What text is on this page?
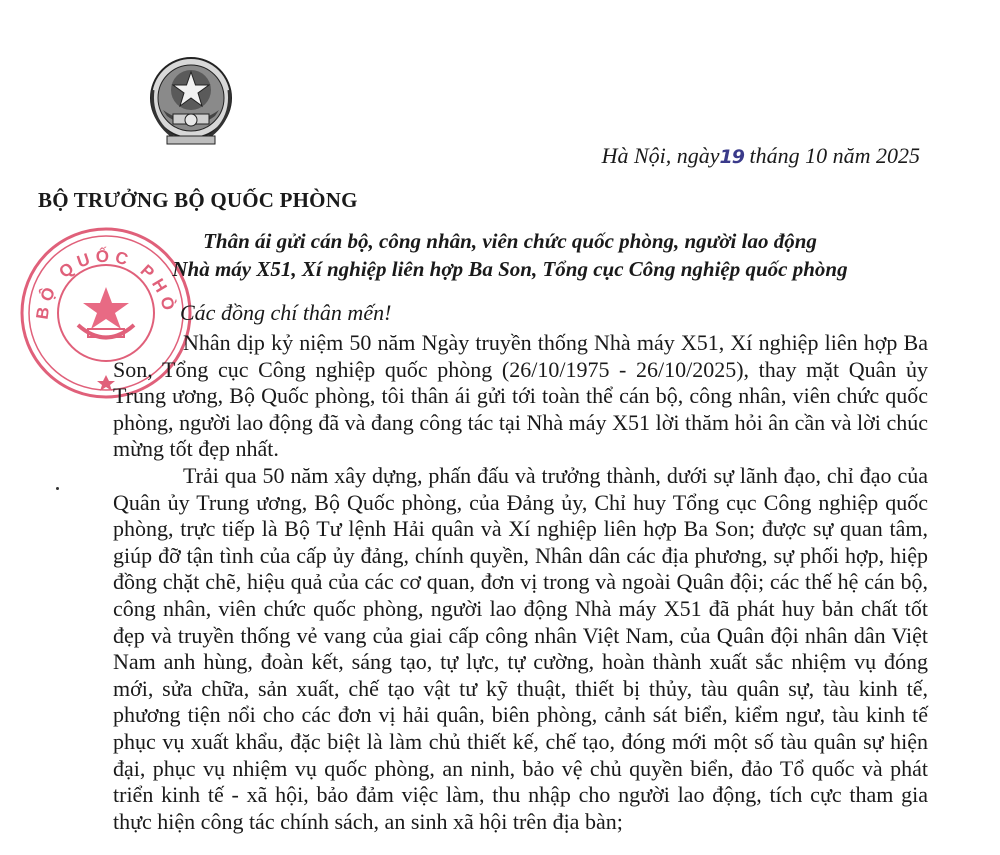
BỘ QUỐC PHÒ
Hà Nội, ngày19 tháng 10 năm 2025
BỘ TRƯỞNG BỘ QUỐC PHÒNG
Thân ái gửi cán bộ, công nhân, viên chức quốc phòng, người lao động
Nhà máy X51, Xí nghiệp liên hợp Ba Son, Tổng cục Công nghiệp quốc phòng
Các đồng chí thân mến!

Nhân dịp kỷ niệm 50 năm Ngày truyền thống Nhà máy X51, Xí nghiệp liên hợp Ba Son, Tổng cục Công nghiệp quốc phòng (26/10/1975 - 26/10/2025), thay mặt Quân ủy Trung ương, Bộ Quốc phòng, tôi thân ái gửi tới toàn thể cán bộ, công nhân, viên chức quốc phòng, người lao động đã và đang công tác tại Nhà máy X51 lời thăm hỏi ân cần và lời chúc mừng tốt đẹp nhất.

Trải qua 50 năm xây dựng, phấn đấu và trưởng thành, dưới sự lãnh đạo, chỉ đạo của Quân ủy Trung ương, Bộ Quốc phòng, của Đảng ủy, Chỉ huy Tổng cục Công nghiệp quốc phòng, trực tiếp là Bộ Tư lệnh Hải quân và Xí nghiệp liên hợp Ba Son; được sự quan tâm, giúp đỡ tận tình của cấp ủy đảng, chính quyền, Nhân dân các địa phương, sự phối hợp, hiệp đồng chặt chẽ, hiệu quả của các cơ quan, đơn vị trong và ngoài Quân đội; các thế hệ cán bộ, công nhân, viên chức quốc phòng, người lao động Nhà máy X51 đã phát huy bản chất tốt đẹp và truyền thống vẻ vang của giai cấp công nhân Việt Nam, của Quân đội nhân dân Việt Nam anh hùng, đoàn kết, sáng tạo, tự lực, tự cường, hoàn thành xuất sắc nhiệm vụ đóng mới, sửa chữa, sản xuất, chế tạo vật tư kỹ thuật, thiết bị thủy, tàu quân sự, tàu kinh tế, phương tiện nổi cho các đơn vị hải quân, biên phòng, cảnh sát biển, kiểm ngư, tàu kinh tế phục vụ xuất khẩu, đặc biệt là làm chủ thiết kế, chế tạo, đóng mới một số tàu quân sự hiện đại, phục vụ nhiệm vụ quốc phòng, an ninh, bảo vệ chủ quyền biển, đảo Tổ quốc và phát triển kinh tế - xã hội, bảo đảm việc làm, thu nhập cho người lao động, tích cực tham gia thực hiện công tác chính sách, an sinh xã hội trên địa bàn;
